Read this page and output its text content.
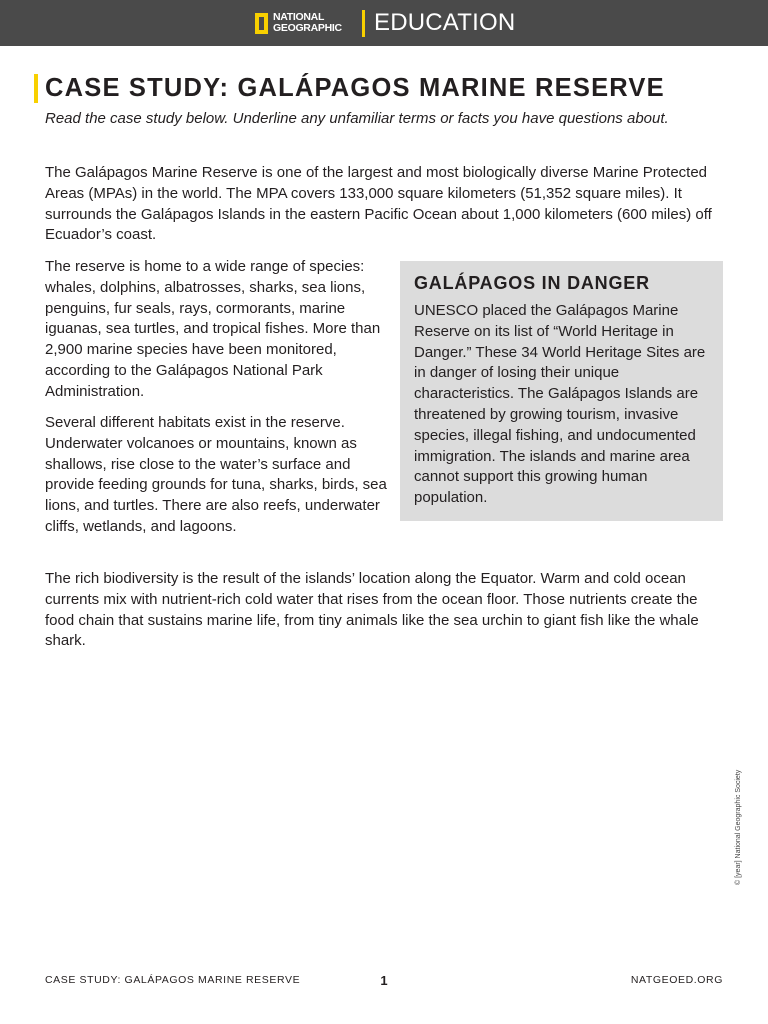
NATIONAL
GEOGRAPHIC EDUCATION
CASE STUDY: GALÁPAGOS MARINE RESERVE

Read the case study below. Underline any unfamiliar terms or facts you have questions about.

The Galápagos Marine Reserve is one of the largest and most biologically diverse Marine Protected Areas (MPAs) in the world. The MPA covers 133,000 square kilometers (51,352 square miles). It surrounds the Galápagos Islands in the eastern Pacific Ocean about 1,000 kilometers (600 miles) off Ecuador’s coast.

The reserve is home to a wide range of species: whales, dolphins, albatrosses, sharks, sea lions, penguins, fur seals, rays, cormorants, marine iguanas, sea turtles, and tropical fishes. More than 2,900 marine species have been monitored, according to the Galápagos National Park Administration.

Several different habitats exist in the reserve. Underwater volcanoes or mountains, known as shallows, rise close to the water’s surface and provide feeding grounds for tuna, sharks, birds, sea lions, and turtles. There are also reefs, underwater cliffs, wetlands, and lagoons.

GALÁPAGOS IN DANGER

UNESCO placed the Galápagos Marine Reserve on its list of “World Heritage in Danger.” These 34 World Heritage Sites are in danger of losing their unique characteristics. The Galápagos Islands are threatened by growing tourism, invasive species, illegal fishing, and undocumented immigration. The islands and marine area cannot support this growing human population.

The rich biodiversity is the result of the islands’ location along the Equator. Warm and cold ocean currents mix with nutrient-rich cold water that rises from the ocean floor. Those nutrients create the food chain that sustains marine life, from tiny animals like the sea urchin to giant fish like the whale shark.

© [year] National Geographic Society
CASE STUDY: GALÁPAGOS MARINE RESERVE	1	NATGEOED.ORG
